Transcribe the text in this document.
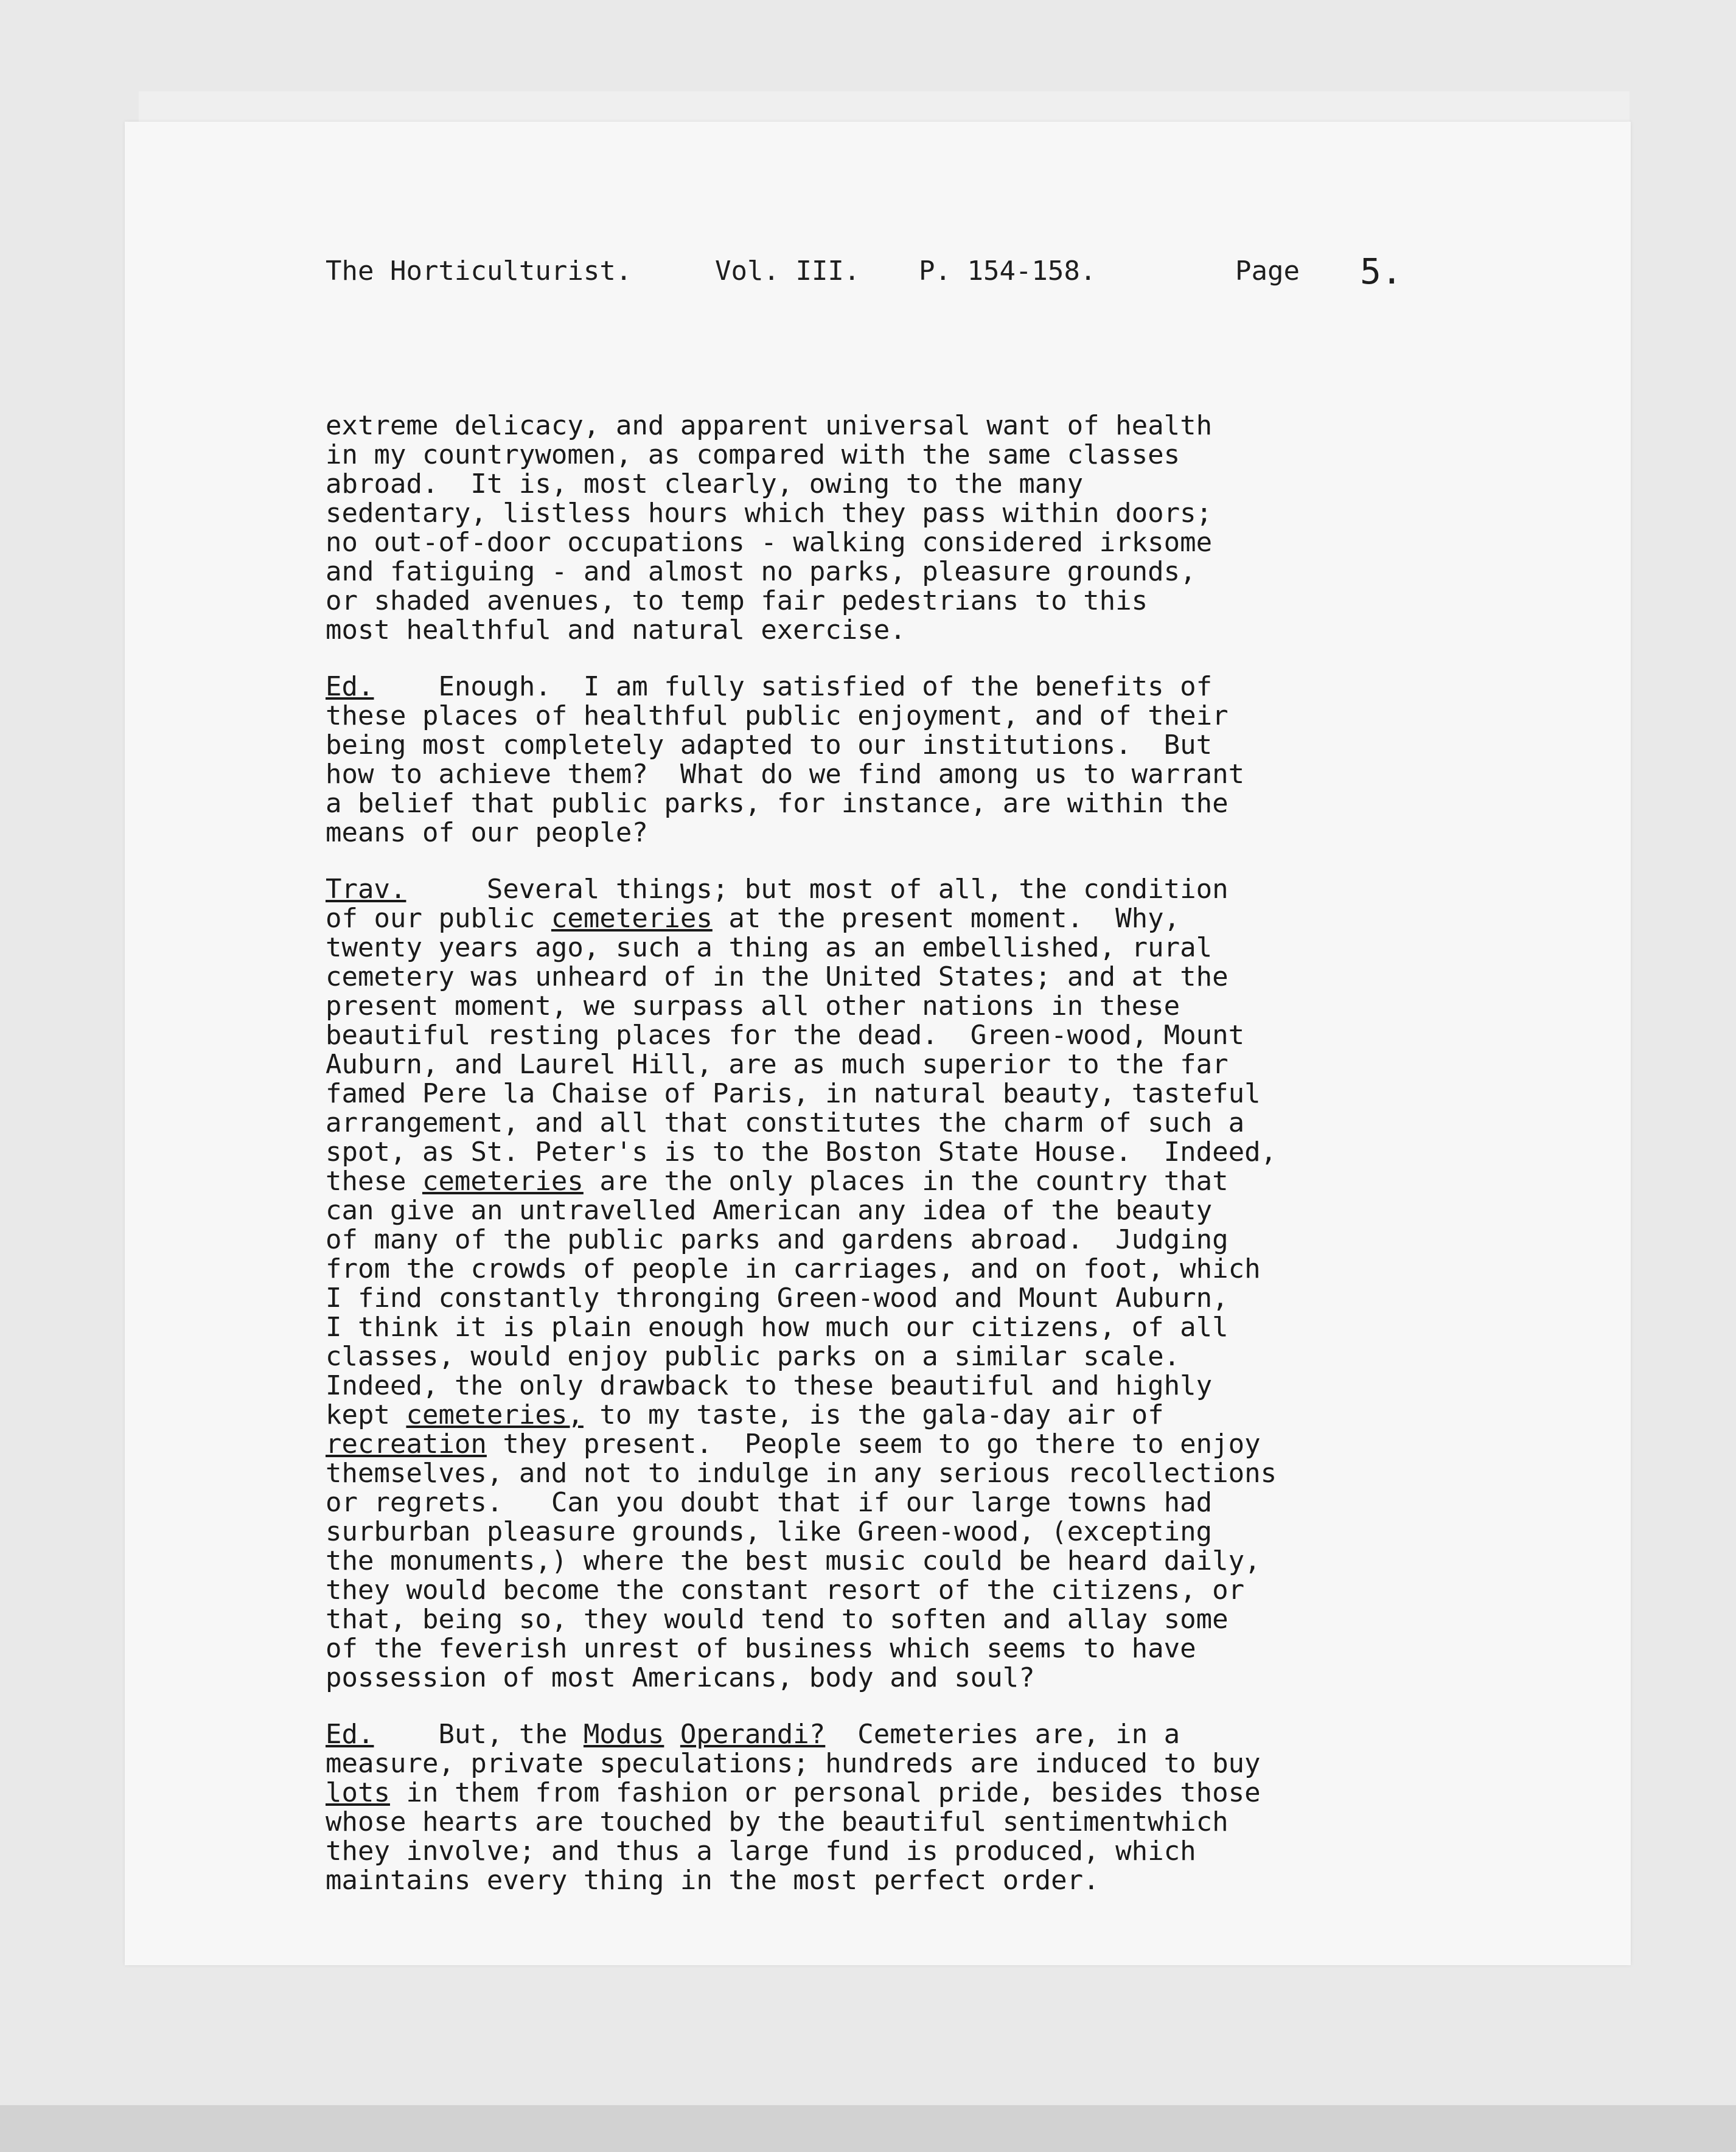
The Horticulturist.

	Vol. III.

P. 154-158.

	Page

5.

extreme delicacy, and apparent universal want of health
in my countrywomen, as compared with the same classes
abroad. It is, most clearly, owing to the many
sedentary, listless hours which they pass within doors;
no out-of-door occupations - walking considered irksome
and fatiguing - and almost no parks, pleasure grounds,
or shaded avenues, to temp fair pedestrians to this
most healthful and natural exercise.
Ed. Enough. I am fully satisfied of the benefits of
these places of healthful public enjoyment, and of their
being most completely adapted to our institutions. But
how to achieve them? What do we find among us to warrant
a belief that public parks, for instance, are within the
means of our people?
Trav.	Several things; but most of all, the condition
of our public cemeteries at the present moment. Why,
twenty years ago, such a thing as an embellished, rural
cemetery was unheard of in the United States; and at the
present moment, we surpass all other nations in these
beautiful resting places for the dead. Green-wood, Mount
Auburn, and Laurel Hill, are as much superior to the far
famed Pere la Chaise of Paris, in natural beauty, tasteful
arrangement, and all that constitutes the charm of such a
spot, as St. Peter's is to the Boston State House. Indeed,
these cemeteries are the only places in the country that
can give an untravelled American any idea of the beauty
of many of the public parks and gardens abroad. Judging
from the crowds of people in carriages, and on foot, which
I find constantly thronging Green-wood and Mount Auburn,
I think it is plain enough how much our citizens, of all
classes, would enjoy public parks on a similar scale.
Indeed, the only drawback to these beautiful and highly
kept cemeteries, to my taste, is the gala-day air of
recreation they present. People seem to go there to enjoy
themselves, and not to indulge in any serious recollections
or regrets. Can you doubt that if our large towns had
surburban pleasure grounds, like Green-wood, (excepting
the monuments,) where the best music could be heard daily,
they would become the constant resort of the citizens, or
that, being so, they would tend to soften and allay some
of the feverish unrest of business which seems to have
possession of most Americans, body and soul?
Ed. But, the Modus Operandi? Cemeteries are, in a
measure, private speculations; hundreds are induced to buy
lots in them from fashion or personal pride, besides those
whose hearts are touched by the beautiful sentimentwhich
they involve; and thus a large fund is produced, which
maintains every thing in the most perfect order.
